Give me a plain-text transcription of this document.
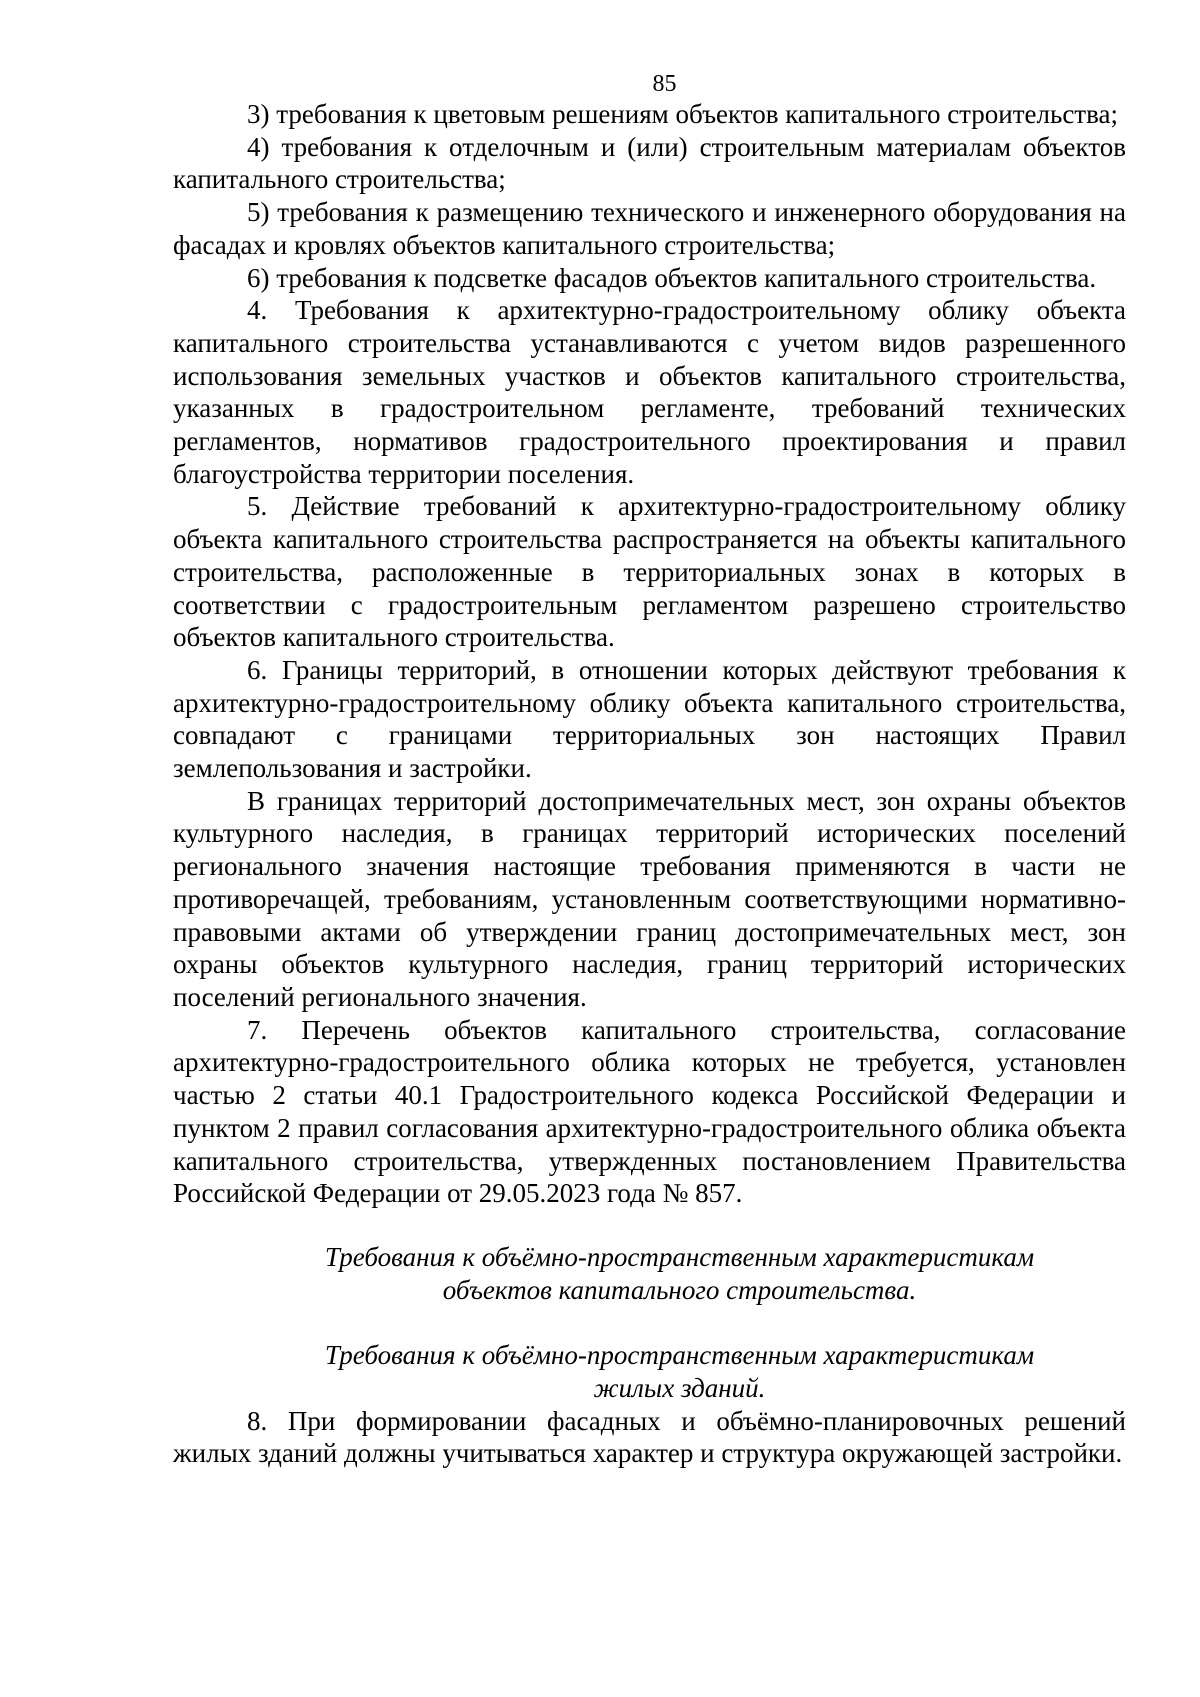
85

3) требования к цветовым решениям объектов капитального строительства;

4) требования к отделочным и (или) строительным материалам объектов капитального строительства;

5) требования к размещению технического и инженерного оборудования на фасадах и кровлях объектов капитального строительства;

6) требования к подсветке фасадов объектов капитального строительства.

4. Требования к архитектурно-градостроительному облику объекта капитального строительства устанавливаются с учетом видов разрешенного использования земельных участков и объектов капитального строительства, указанных в градостроительном регламенте, требований технических регламентов, нормативов градостроительного проектирования и правил благоустройства территории поселения.

5. Действие требований к архитектурно-градостроительному облику объекта капитального строительства распространяется на объекты капитального строительства, расположенные в территориальных зонах в которых в соответствии с градостроительным регламентом разрешено строительство объектов капитального строительства.

6. Границы территорий, в отношении которых действуют требования к архитектурно-градостроительному облику объекта капитального строительства, совпадают с границами территориальных зон настоящих Правил землепользования и застройки.

В границах территорий достопримечательных мест, зон охраны объектов культурного наследия, в границах территорий исторических поселений регионального значения настоящие требования применяются в части не противоречащей, требованиям, установленным соответствующими нормативно-правовыми актами об утверждении границ достопримечательных мест, зон охраны объектов культурного наследия, границ территорий исторических поселений регионального значения.

7. Перечень объектов капитального строительства, согласование архитектурно-градостроительного облика которых не требуется, установлен частью 2 статьи 40.1 Градостроительного кодекса Российской Федерации и пунктом 2 правил согласования архитектурно-градостроительного облика объекта капитального строительства, утвержденных постановлением Правительства Российской Федерации от 29.05.2023 года № 857.

Требования к объёмно-пространственным характеристикам
объектов капитального строительства.
Требования к объёмно-пространственным характеристикам
жилых зданий.

8. При формировании фасадных и объёмно-планировочных решений жилых зданий должны учитываться характер и структура окружающей застройки.
